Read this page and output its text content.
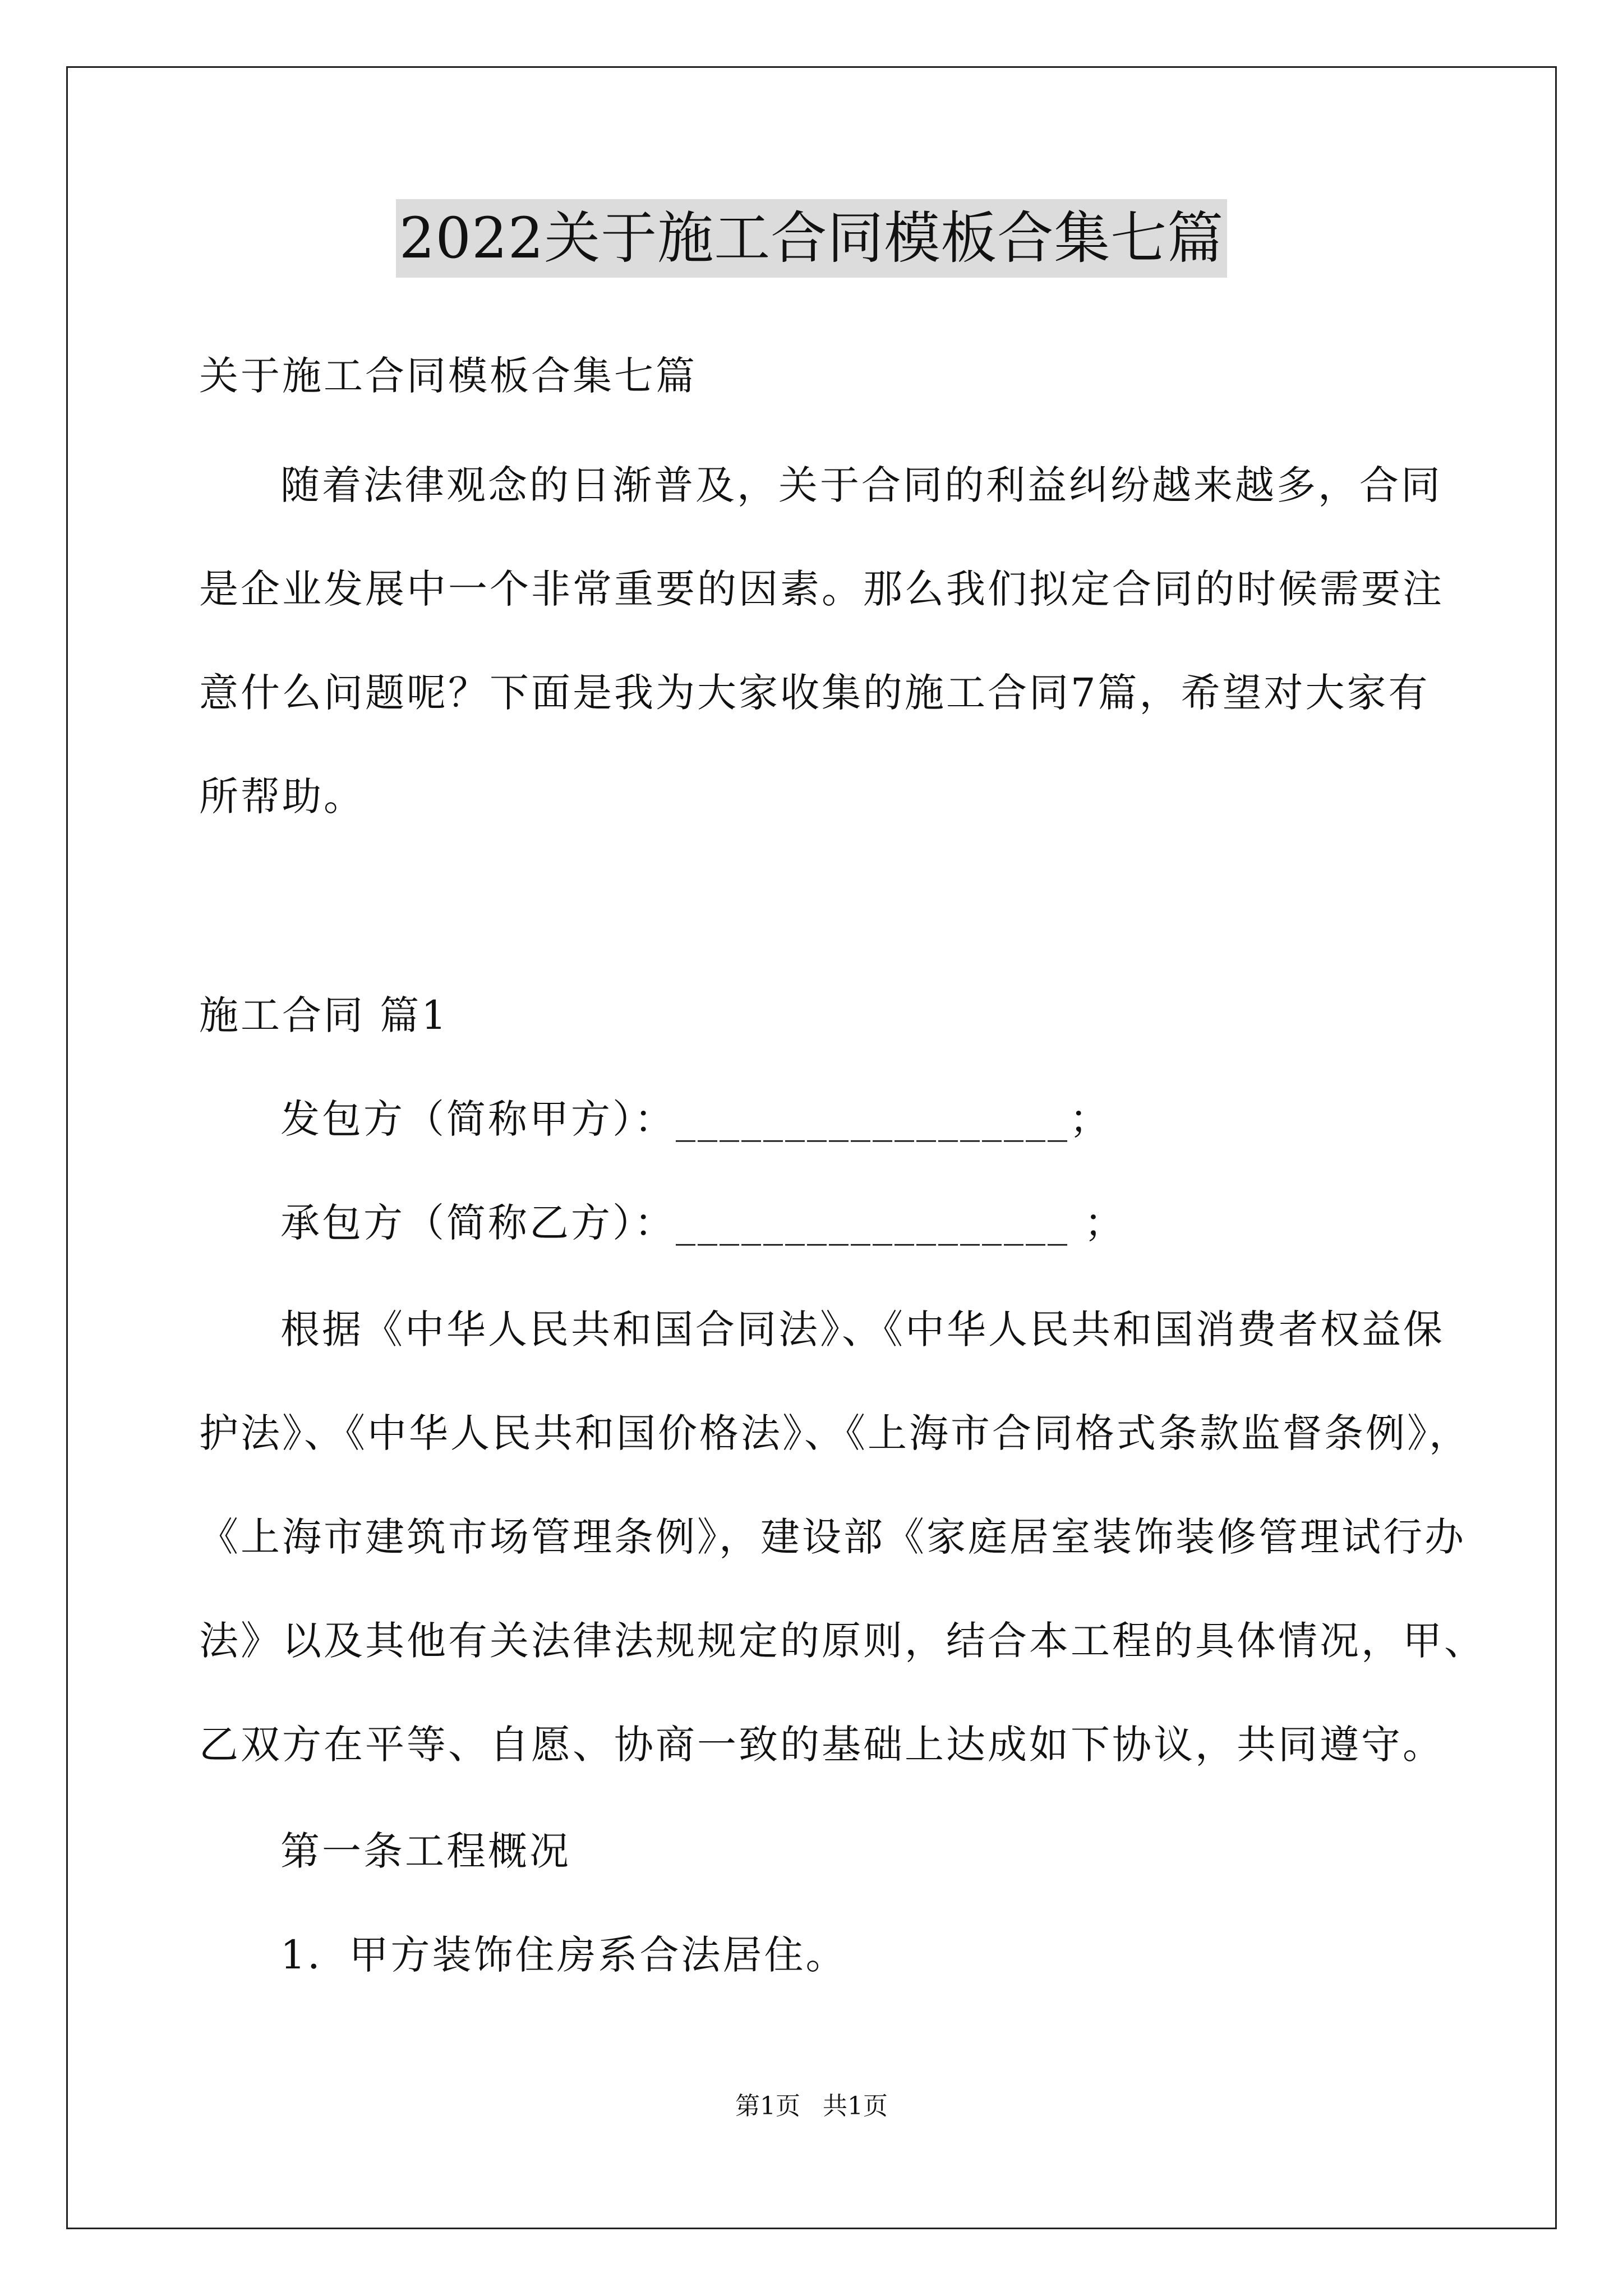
2022关于施工合同模板合集七篇
关于施工合同模板合集七篇
随着法律观念的日渐普及，关于合同的利益纠纷越来越多，合同
是企业发展中一个非常重要的因素。那么我们拟定合同的时候需要注
意什么问题呢？下面是我为大家收集的施工合同7篇，希望对大家有
所帮助。
施工合同 篇1
发包方（简称甲方）：__________________；
承包方（简称乙方）：__________________ ；
根据《中华人民共和国合同法》、《中华人民共和国消费者权益保
护法》、《中华人民共和国价格法》、《上海市合同格式条款监督条例》，
《上海市建筑市场管理条例》，建设部《家庭居室装饰装修管理试行办
法》以及其他有关法律法规规定的原则，结合本工程的具体情况，甲、
乙双方在平等、自愿、协商一致的基础上达成如下协议，共同遵守。
第一条工程概况
1．甲方装饰住房系合法居住。
第1页 共1页
